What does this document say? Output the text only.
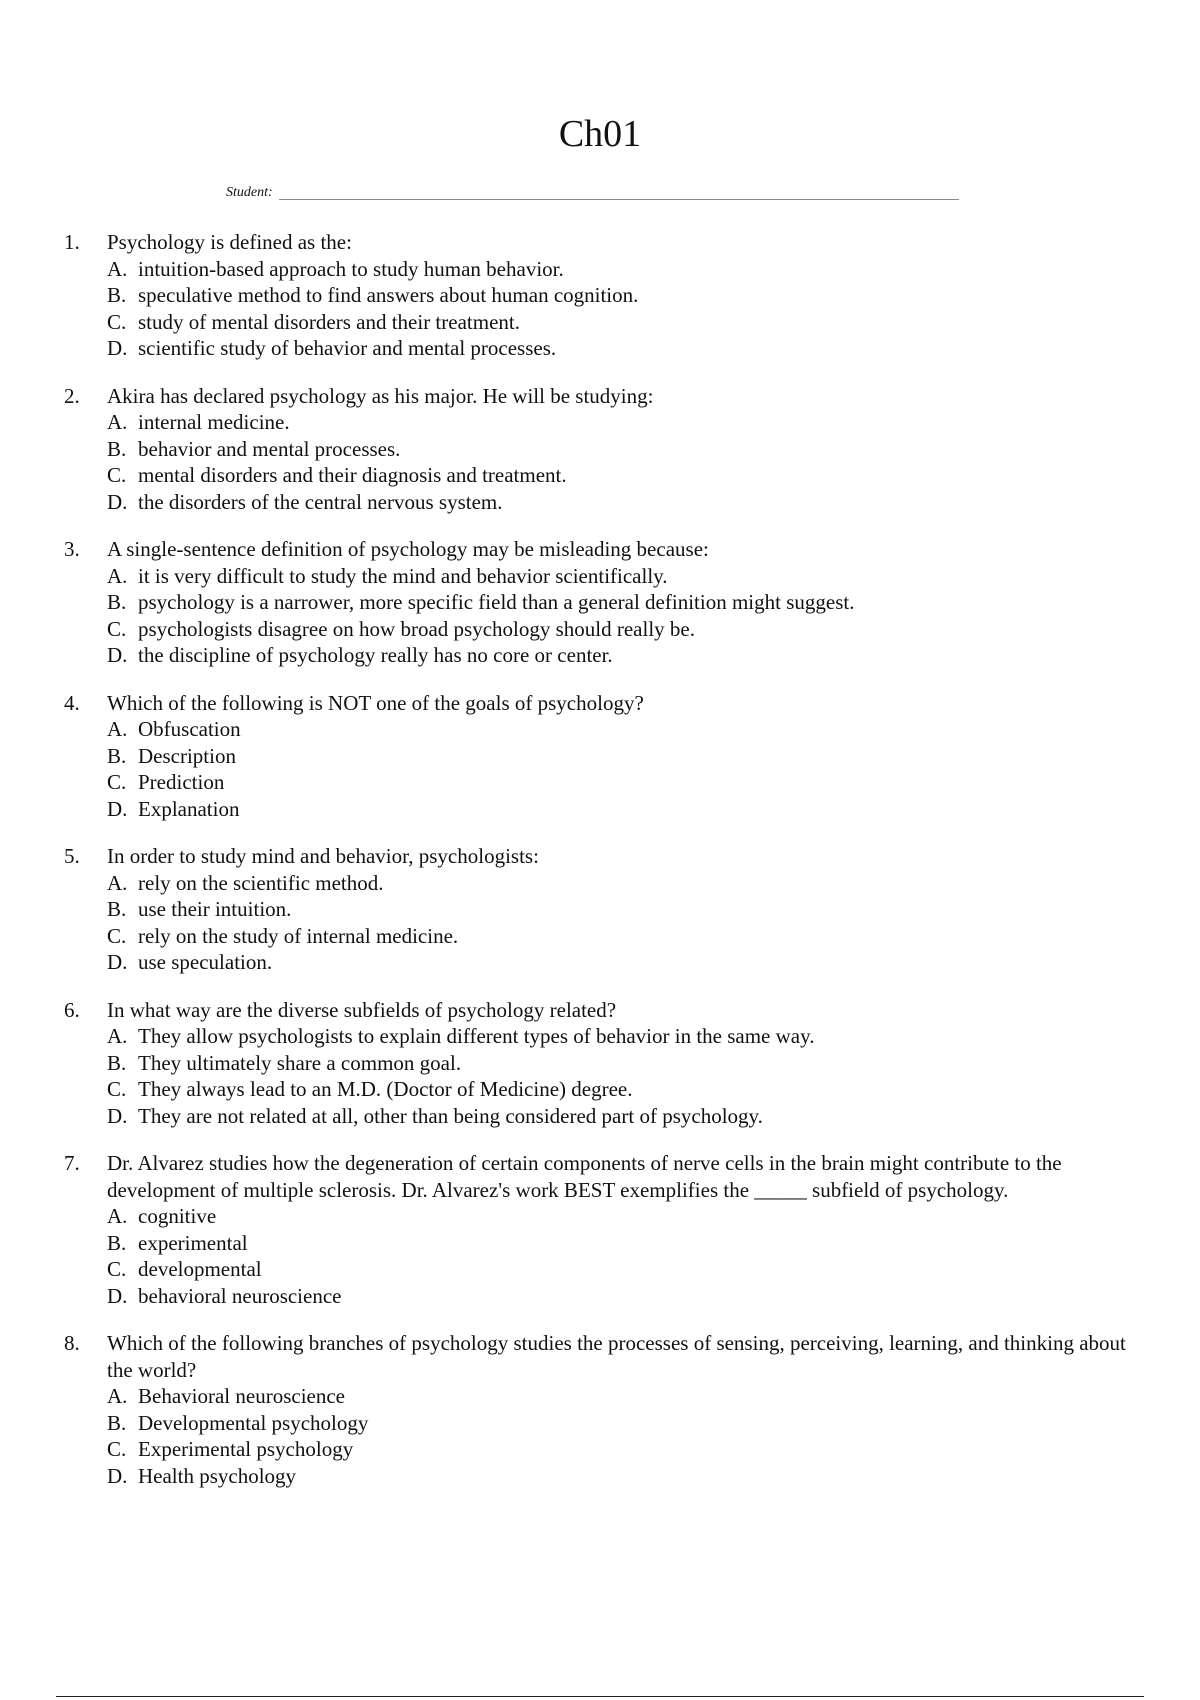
Ch01
Student:
1. Psychology is defined as the:
A. intuition-based approach to study human behavior.
B. speculative method to find answers about human cognition.
C. study of mental disorders and their treatment.
D. scientific study of behavior and mental processes.
2. Akira has declared psychology as his major. He will be studying:
A. internal medicine.
B. behavior and mental processes.
C. mental disorders and their diagnosis and treatment.
D. the disorders of the central nervous system.
3. A single-sentence definition of psychology may be misleading because:
A. it is very difficult to study the mind and behavior scientifically.
B. psychology is a narrower, more specific field than a general definition might suggest.
C. psychologists disagree on how broad psychology should really be.
D. the discipline of psychology really has no core or center.
4. Which of the following is NOT one of the goals of psychology?
A. Obfuscation
B. Description
C. Prediction
D. Explanation
5. In order to study mind and behavior, psychologists:
A. rely on the scientific method.
B. use their intuition.
C. rely on the study of internal medicine.
D. use speculation.
6. In what way are the diverse subfields of psychology related?
A. They allow psychologists to explain different types of behavior in the same way.
B. They ultimately share a common goal.
C. They always lead to an M.D. (Doctor of Medicine) degree.
D. They are not related at all, other than being considered part of psychology.
7. Dr. Alvarez studies how the degeneration of certain components of nerve cells in the brain might contribute to the development of multiple sclerosis. Dr. Alvarez's work BEST exemplifies the _____ subfield of psychology.
A. cognitive
B. experimental
C. developmental
D. behavioral neuroscience
8. Which of the following branches of psychology studies the processes of sensing, perceiving, learning, and thinking about the world?
A. Behavioral neuroscience
B. Developmental psychology
C. Experimental psychology
D. Health psychology
